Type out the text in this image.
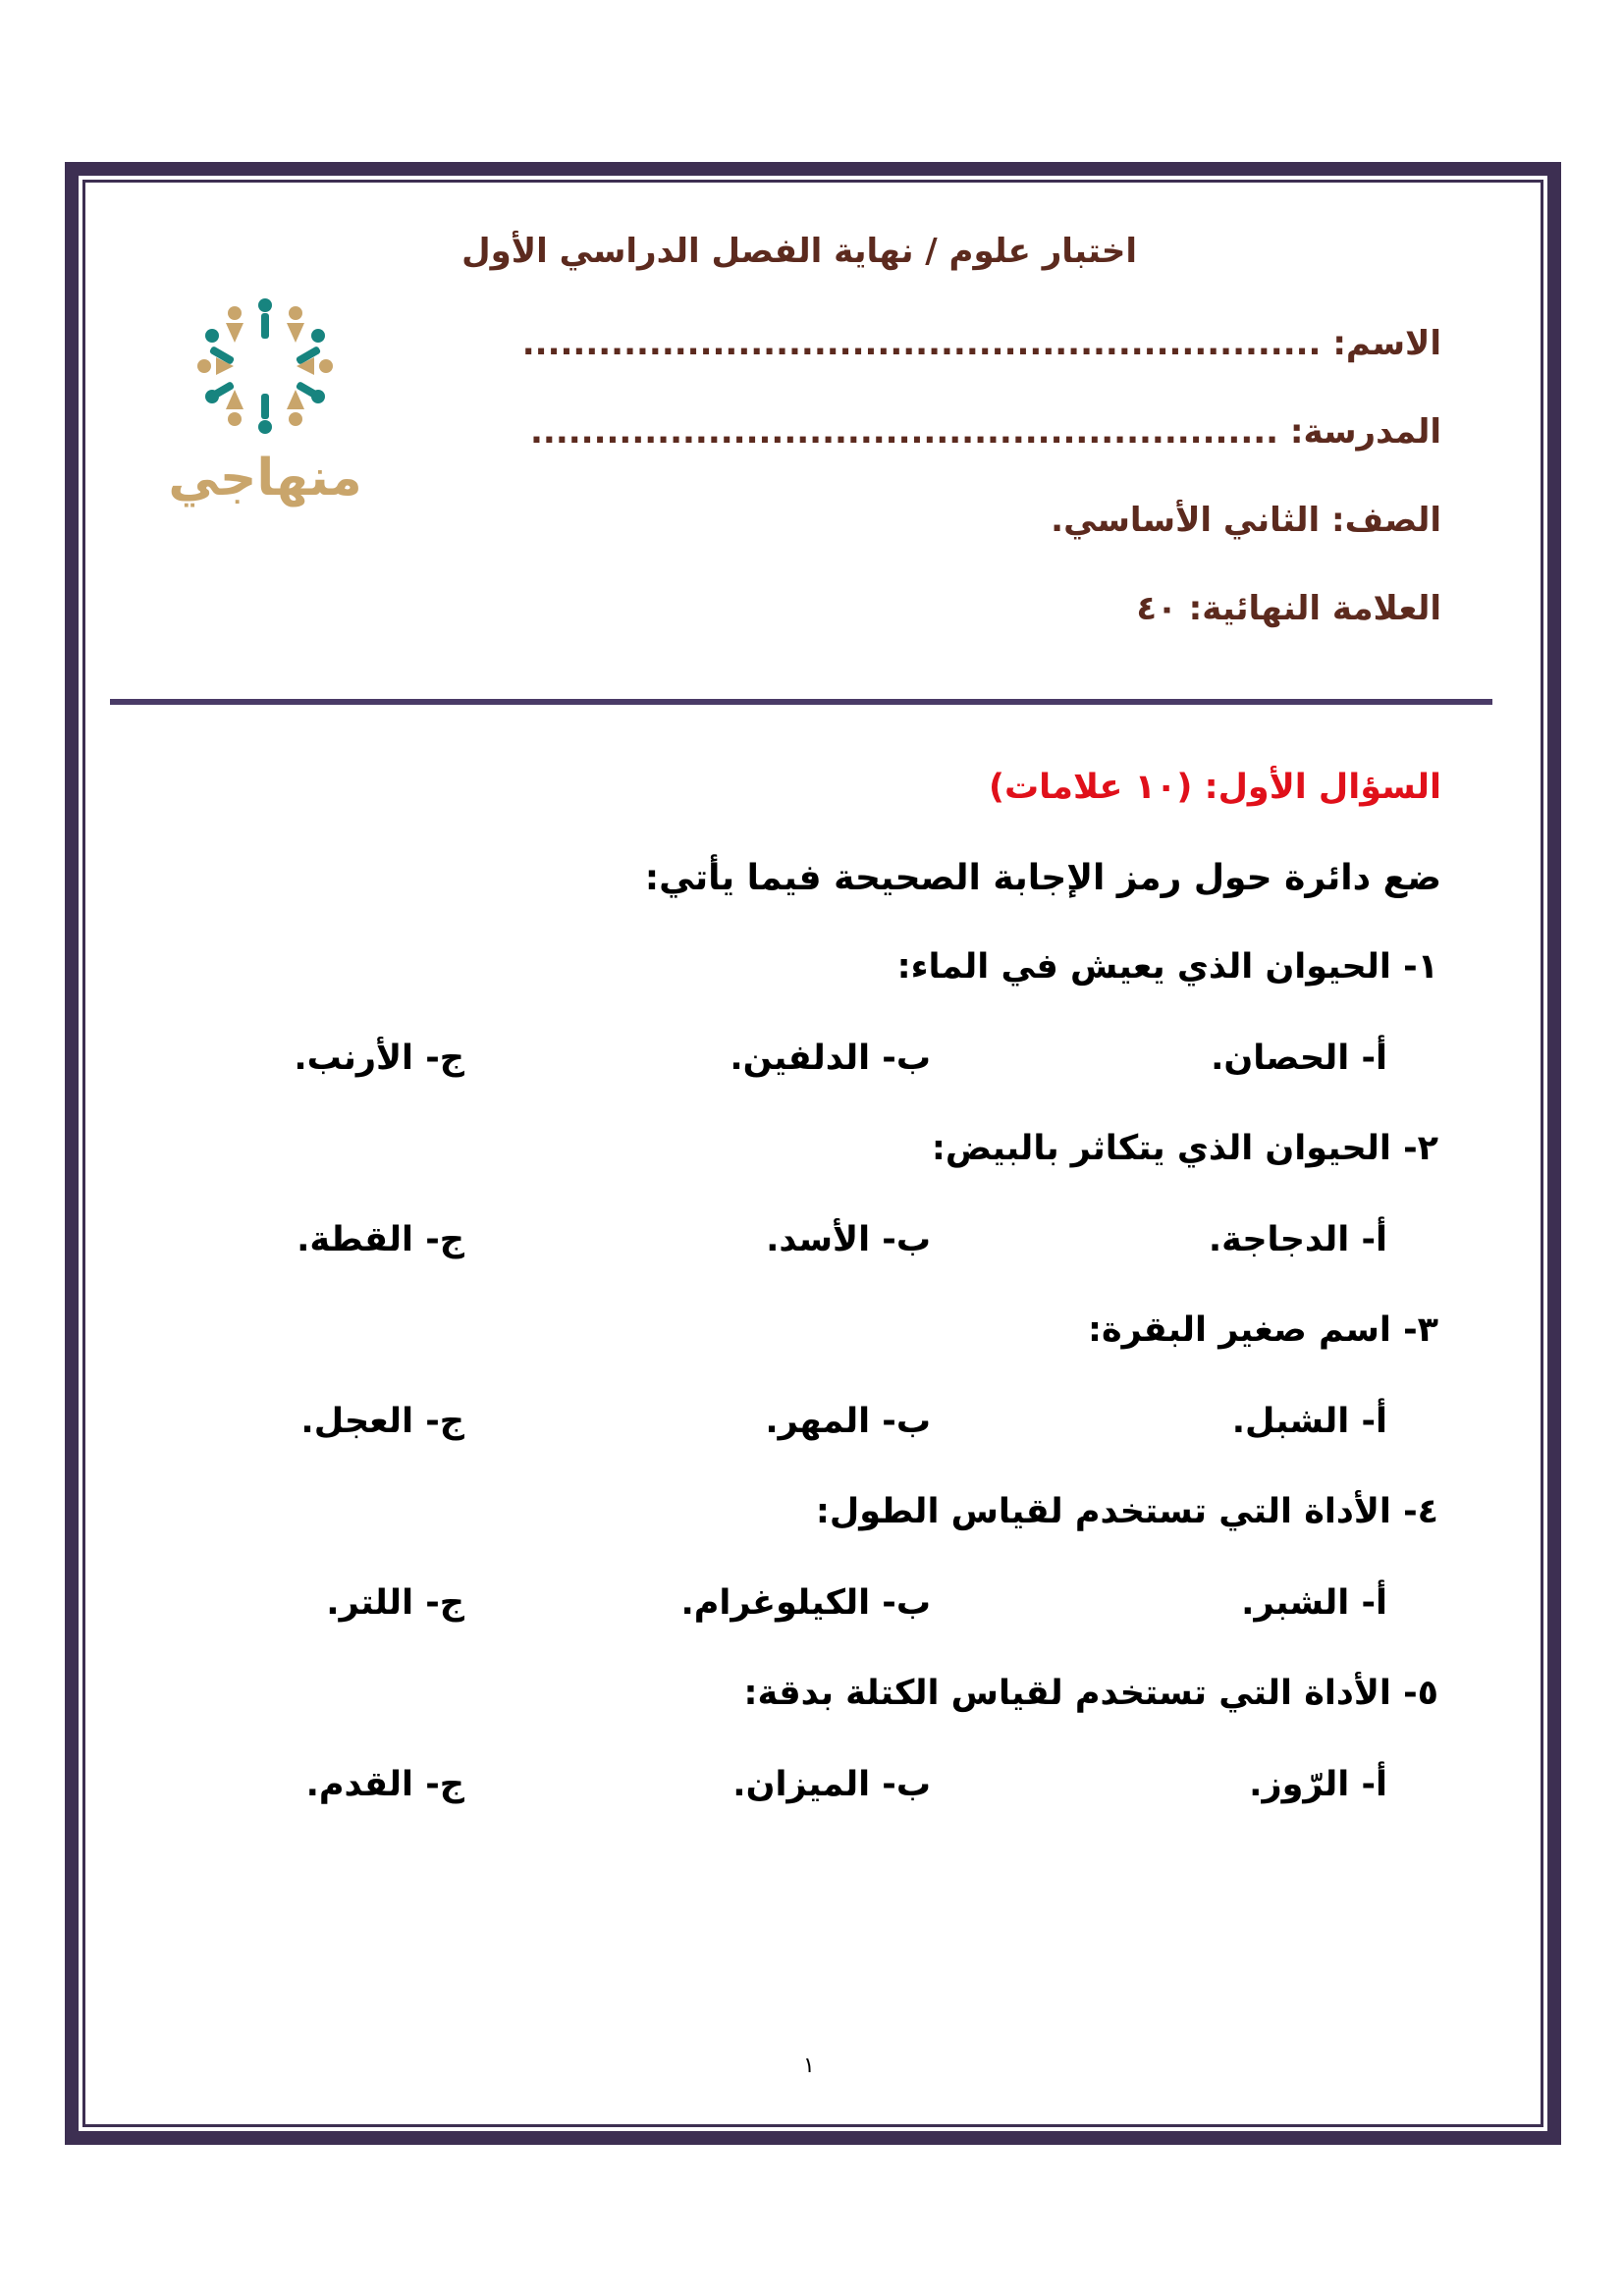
منهاجي
اختبار علوم / نهاية الفصل الدراسي الأول
الاسم: ...............................................................
المدرسة: ...........................................................
الصف: الثاني الأساسي.
العلامة النهائية: ٤٠
السؤال الأول: (١٠ علامات)
ضع دائرة حول رمز الإجابة الصحيحة فيما يأتي:
١- الحيوان الذي يعيش في الماء:
أ- الحصان.
ب- الدلفين.
ج- الأرنب.
٢- الحيوان الذي يتكاثر بالبيض:
أ- الدجاجة.
ب- الأسد.
ج- القطة.
٣- اسم صغير البقرة:
أ- الشبل.
ب- المهر.
ج- العجل.
٤- الأداة التي تستخدم لقياس الطول:
أ- الشبر.
ب- الكيلوغرام.
ج- اللتر.
٥- الأداة التي تستخدم لقياس الكتلة بدقة:
أ- الرّوز.
ب- الميزان.
ج- القدم.
١
